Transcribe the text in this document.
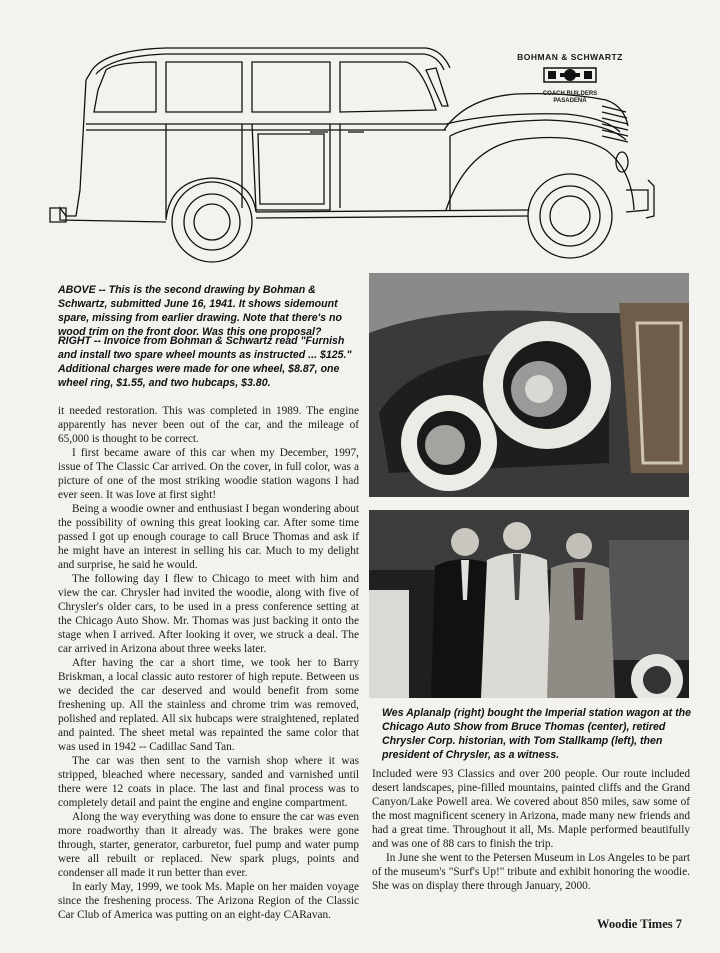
BOHMAN & SCHWARTZ
COACH BUILDERS
PASADENA

ABOVE -- This is the second drawing by Bohman & Schwartz, submitted June 16, 1941. It shows sidemount spare, missing from earlier drawing. Note that there's no wood trim on the front door. Was this one proposal?

RIGHT -- Invoice from Bohman & Schwartz read "Furnish and install two spare wheel mounts as instructed ... $125." Additional charges were made for one wheel, $8.87, one wheel ring, $1.55, and two hubcaps, $3.80.

it needed restoration. This was completed in 1989. The engine apparently has never been out of the car, and the mileage of 65,000 is thought to be correct.

I first became aware of this car when my December, 1997, issue of The Classic Car arrived. On the cover, in full color, was a picture of one of the most striking woodie station wagons I had ever seen. It was love at first sight!

Being a woodie owner and enthusiast I began wondering about the possibility of owning this great looking car. After some time passed I got up enough courage to call Bruce Thomas and ask if he might have an interest in selling his car. Much to my delight and surprise, he said he would.

The following day I flew to Chicago to meet with him and view the car. Chrysler had invited the woodie, along with five of Chrysler's older cars, to be used in a press conference setting at the Chicago Auto Show. Mr. Thomas was just backing it onto the stage when I arrived. After looking it over, we struck a deal. The car arrived in Arizona about three weeks later.

After having the car a short time, we took her to Barry Briskman, a local classic auto restorer of high repute. Between us we decided the car deserved and would benefit from some freshening up. All the stainless and chrome trim was removed, polished and replated. All six hubcaps were straightened, replated and painted. The sheet metal was repainted the same color that was used in 1942 -- Cadillac Sand Tan.

The car was then sent to the varnish shop where it was stripped, bleached where necessary, sanded and varnished until there were 12 coats in place. The last and final process was to completely detail and paint the engine and engine compartment.

Along the way everything was done to ensure the car was even more roadworthy than it already was. The brakes were gone through, starter, generator, carburetor, fuel pump and water pump were all rebuilt or replaced. New spark plugs, points and condenser all made it run better than ever.

In early May, 1999, we took Ms. Maple on her maiden voyage since the freshening process. The Arizona Region of the Classic Car Club of America was putting on an eight-day CARavan.

Wes Aplanalp (right) bought the Imperial station wagon at the Chicago Auto Show from Bruce Thomas (center), retired Chrysler Corp. historian, with Tom Stallkamp (left), then president of Chrysler, as a witness.

Included were 93 Classics and over 200 people. Our route included desert landscapes, pine-filled mountains, painted cliffs and the Grand Canyon/Lake Powell area. We covered about 850 miles, saw some of the most magnificent scenery in Arizona, made many new friends and had a great time. Throughout it all, Ms. Maple performed beautifully and was one of 88 cars to finish the trip.

In June she went to the Petersen Museum in Los Angeles to be part of the museum's "Surf's Up!" tribute and exhibit honoring the woodie. She was on display there through January, 2000.

Woodie Times 7
